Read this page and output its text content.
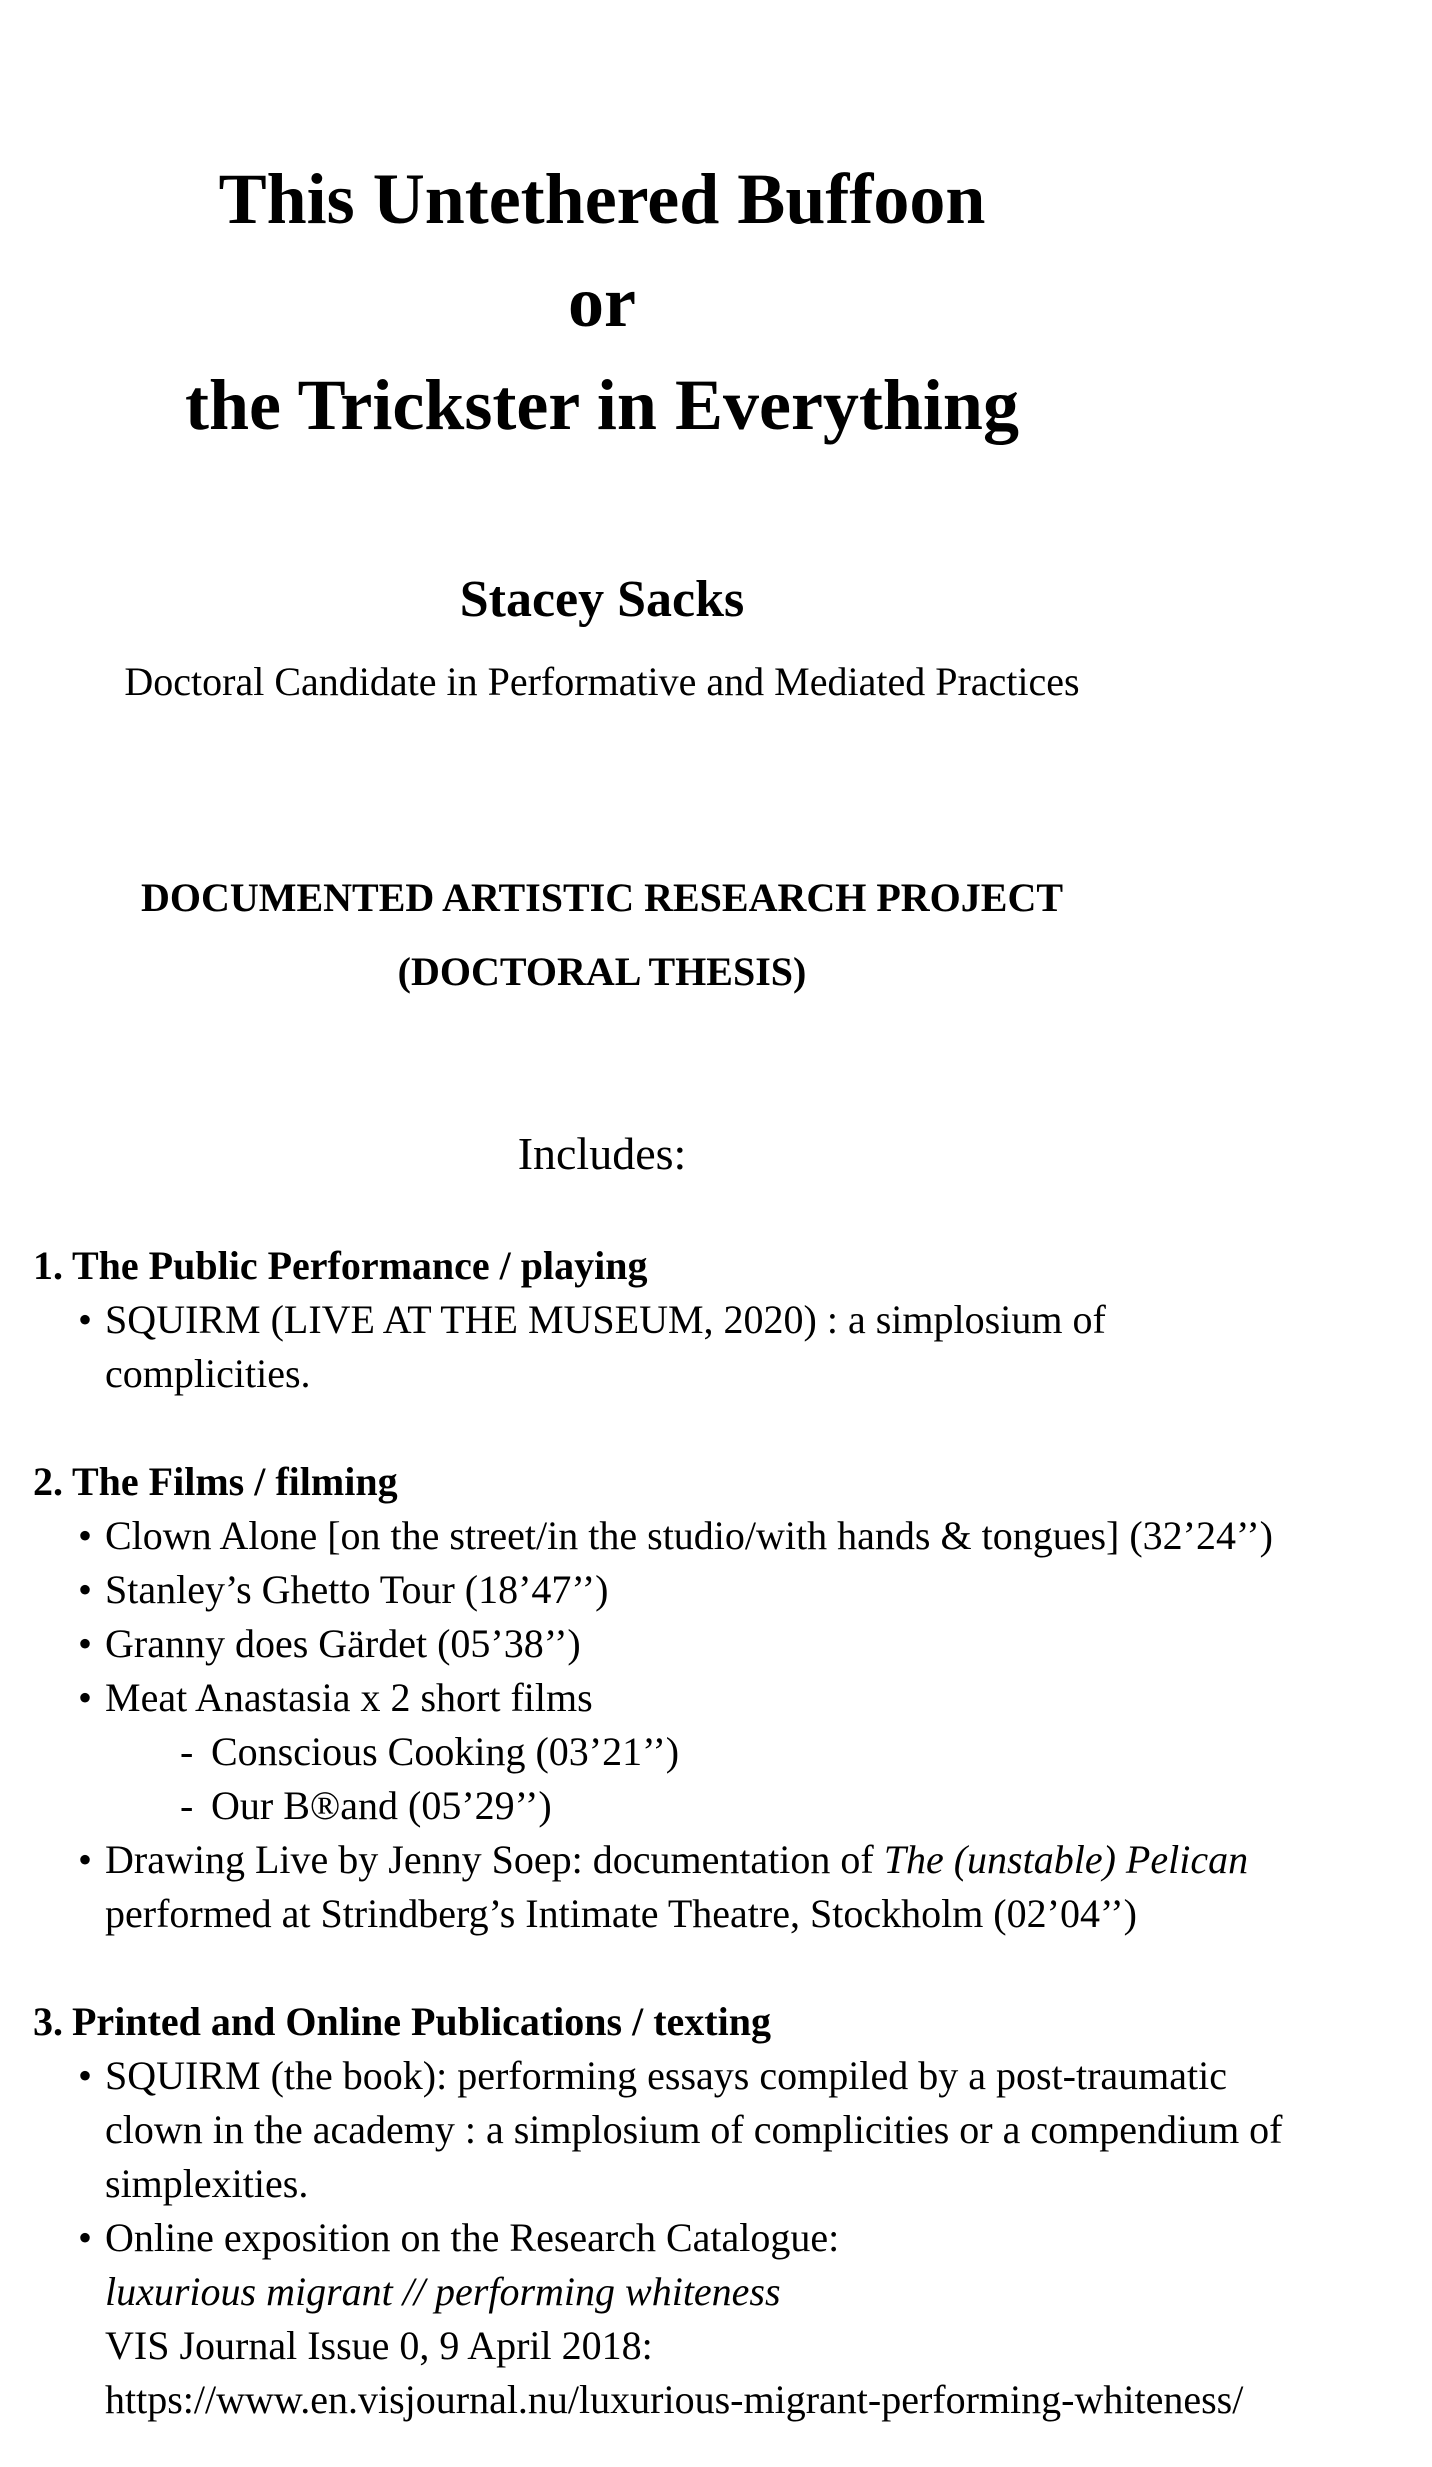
This Untethered Buffoon
or
the Trickster in Everything
Stacey Sacks
Doctoral Candidate in Performative and Mediated Practices
DOCUMENTED ARTISTIC RESEARCH PROJECT
(DOCTORAL THESIS)
Includes:
1. The Public Performance / playing
• SQUIRM (LIVE AT THE MUSEUM, 2020) : a simplosium of complicities.
2. The Films / filming
• Clown Alone [on the street/in the studio/with hands & tongues] (32’24’’)
• Stanley’s Ghetto Tour (18’47’’)
• Granny does Gärdet (05’38’’)
• Meat Anastasia x 2 short films
- Conscious Cooking (03’21’’)
- Our B®and (05’29’’)
• Drawing Live by Jenny Soep: documentation of The (unstable) Pelican performed at Strindberg’s Intimate Theatre, Stockholm (02’04’’)
3. Printed and Online Publications / texting
• SQUIRM (the book): performing essays compiled by a post-traumatic clown in the academy : a simplosium of complicities or a compendium of simplexities.
• Online exposition on the Research Catalogue:
luxurious migrant // performing whiteness
VIS Journal Issue 0, 9 April 2018:
https://www.en.visjournal.nu/luxurious-migrant-performing-whiteness/
